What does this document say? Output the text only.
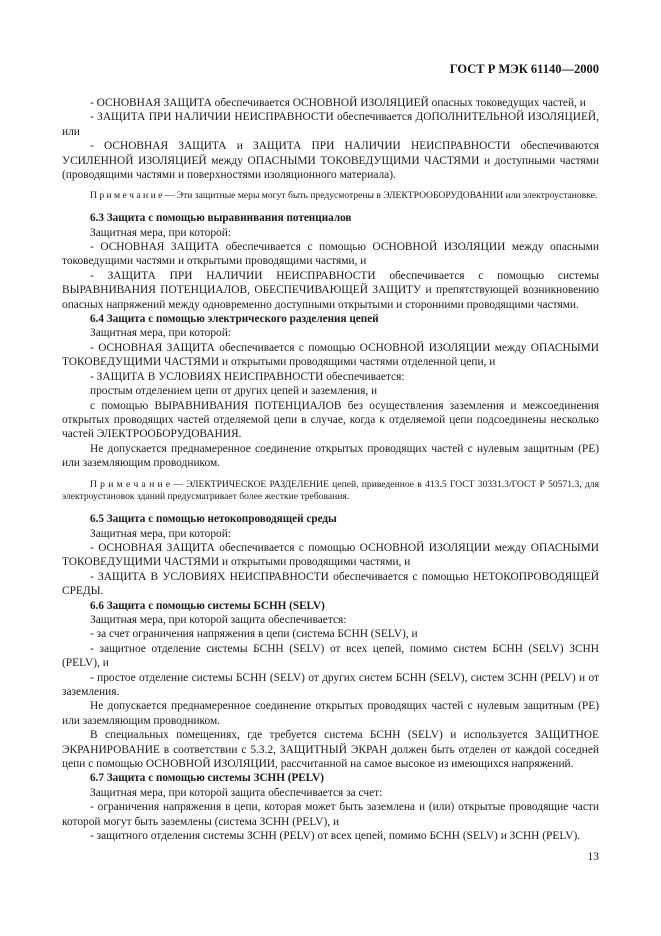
ГОСТ Р МЭК 61140—2000

- ОСНОВНАЯ ЗАЩИТА обеспечивается ОСНОВНОЙ ИЗОЛЯЦИЕЙ опасных токоведущих частей, и

- ЗАЩИТА ПРИ НАЛИЧИИ НЕИСПРАВНОСТИ обеспечивается ДОПОЛНИТЕЛЬНОЙ ИЗОЛЯЦИЕЙ, или

- ОСНОВНАЯ ЗАЩИТА и ЗАЩИТА ПРИ НАЛИЧИИ НЕИСПРАВНОСТИ обеспечиваются УСИЛЕННОЙ ИЗОЛЯЦИЕЙ между ОПАСНЫМИ ТОКОВЕДУЩИМИ ЧАСТЯМИ и доступными частями (проводящими частями и поверхностями изоляционного материала).

П р и м е ч а н и е — Эти защитные меры могут быть предусмотрены в ЭЛЕКТРООБОРУДОВАНИИ или электроустановке.

6.3 Защита с помощью выравнивания потенциалов

Защитная мера, при которой:

- ОСНОВНАЯ ЗАЩИТА обеспечивается с помощью ОСНОВНОЙ ИЗОЛЯЦИИ между опасными токоведущими частями и открытыми проводящими частями, и

- ЗАЩИТА ПРИ НАЛИЧИИ НЕИСПРАВНОСТИ обеспечивается с помощью системы ВЫРАВНИВАНИЯ ПОТЕНЦИАЛОВ, ОБЕСПЕЧИВАЮЩЕЙ ЗАЩИТУ и препятствующей возникновению опасных напряжений между одновременно доступными открытыми и сторонними проводящими частями.

6.4 Защита с помощью электрического разделения цепей

Защитная мера, при которой:

- ОСНОВНАЯ ЗАЩИТА обеспечивается с помощью ОСНОВНОЙ ИЗОЛЯЦИИ между ОПАСНЫМИ ТОКОВЕДУЩИМИ ЧАСТЯМИ и открытыми проводящими частями отделенной цепи, и

- ЗАЩИТА В УСЛОВИЯХ НЕИСПРАВНОСТИ обеспечивается:

простым отделением цепи от других цепей и заземления, и

с помощью ВЫРАВНИВАНИЯ ПОТЕНЦИАЛОВ без осуществления заземления и межсоединения открытых проводящих частей отделяемой цепи в случае, когда к отделяемой цепи подсоединены несколько частей ЭЛЕКТРООБОРУДОВАНИЯ.

Не допускается преднамеренное соединение открытых проводящих частей с нулевым защитным (РЕ) или заземляющим проводником.

П р и м е ч а н и е — ЭЛЕКТРИЧЕСКОЕ РАЗДЕЛЕНИЕ цепей, приведенное в 413.5 ГОСТ 30331.3/ГОСТ Р 50571.3, для электроустановок зданий предусматривает более жесткие требования.

6.5 Защита с помощью нетокопроводящей среды

Защитная мера, при которой:

- ОСНОВНАЯ ЗАЩИТА обеспечивается с помощью ОСНОВНОЙ ИЗОЛЯЦИИ между ОПАСНЫМИ ТОКОВЕДУЩИМИ ЧАСТЯМИ и открытыми проводящими частями, и

- ЗАЩИТА В УСЛОВИЯХ НЕИСПРАВНОСТИ обеспечивается с помощью НЕТОКОПРОВОДЯЩЕЙ СРЕДЫ.

6.6 Защита с помощью системы БСНН (SELV)

Защитная мера, при которой защита обеспечивается:

- за счет ограничения напряжения в цепи (система БСНН (SELV), и

- защитное отделение системы БСНН (SELV) от всех цепей, помимо систем БСНН (SELV) ЗСНН (PELV), и

- простое отделение системы БСНН (SELV) от других систем БСНН (SELV), систем ЗСНН (PELV) и от заземления.

Не допускается преднамеренное соединение открытых проводящих частей с нулевым защитным (РЕ) или заземляющим проводником.

В специальных помещениях, где требуется система БСНН (SELV) и используется ЗАЩИТНОЕ ЭКРАНИРОВАНИЕ в соответствии с 5.3.2, ЗАЩИТНЫЙ ЭКРАН должен быть отделен от каждой соседней цепи с помощью ОСНОВНОЙ ИЗОЛЯЦИИ, рассчитанной на самое высокое из имеющихся напряжений.

6.7 Защита с помощью системы ЗСНН (PELV)

Защитная мера, при которой защита обеспечивается за счет:

- ограничения напряжения в цепи, которая может быть заземлена и (или) открытые проводящие части которой могут быть заземлены (система ЗСНН (PELV), и

- защитного отделения системы ЗСНН (PELV) от всех цепей, помимо БСНН (SELV) и ЗСНН (PELV).

13
